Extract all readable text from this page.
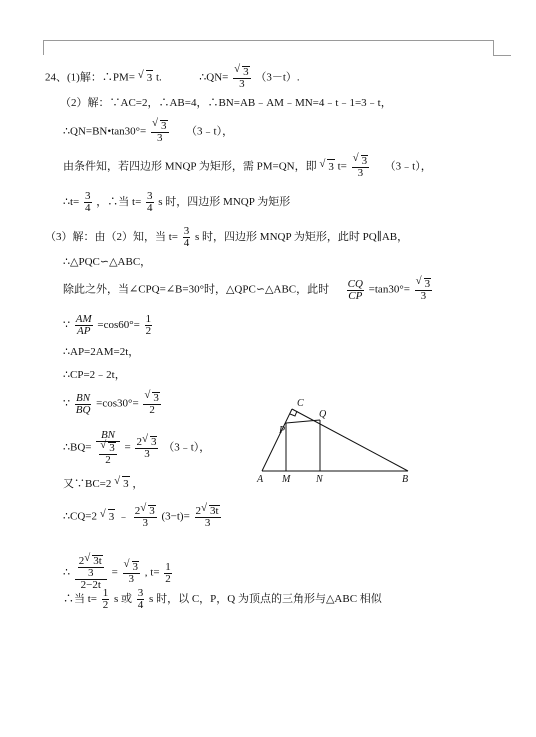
24、(1)解：∴PM= √ 3 t.	∴QN= √ $\frac{3}{3} (3-t)$.
（2）解：∵AC=2，∴AB=4，∴BN=AB﹣AM﹣MN=4﹣t﹣1=3﹣t，
∴QN=BN•tan30°= √ $\frac{3}{3}$ （3﹣t），
由条件知，若四边形 MNQP 为矩形，需 PM=QN，即 √ 3 t= √ $\frac{3}{3}$ （3﹣t），
∴t= $\frac{3}{4}$ ，∴当 $t= \frac{3}{4}$ s 时，四边形 MNQP 为矩形
（3）解：由（2）知，当 $t= \frac{3}{4}$ s 时，四边形 MNQP 为矩形，此时 PQ∥AB，
∴△PQC∽△ABC，
除此之外，当∠CPQ=∠B=30°时，△QPC∽△ABC，此时 $\frac{CQ}{CP} =\tan 30^\circ=$ √ $\frac{3}{3}$
∵ $\frac{AM}{AP} =\cos 60^\circ= \frac{1}{2}$
∴AP=2AM=2t，
∴CP=2﹣2t，
∵ $\frac{BN}{BQ} =\cos 30^\circ=$ √ $\frac{3}{2}$
∴BQ= BN
√ $\frac{3}{2} = \frac{2 √ 3}{3}$ （3﹣t），
又∵BC=2 √ 3 ，
∴CQ=2 √ 3 ﹣ $\frac{2 √ 3}{3} (3-t)= \frac{2 √ 3t}{3}$
∴ $\frac{\frac{2 √ 3t}{3}}{2-2t}$ = √ $\frac{3}{3}$ , $t= \frac{1}{2}$
∴当 $t= \frac{1}{2}$ s 或 $\frac{3}{4}$ s 时，以 C，P，Q 为顶点的三角形与△ABC 相似
C
Q
P
A M	N	B
